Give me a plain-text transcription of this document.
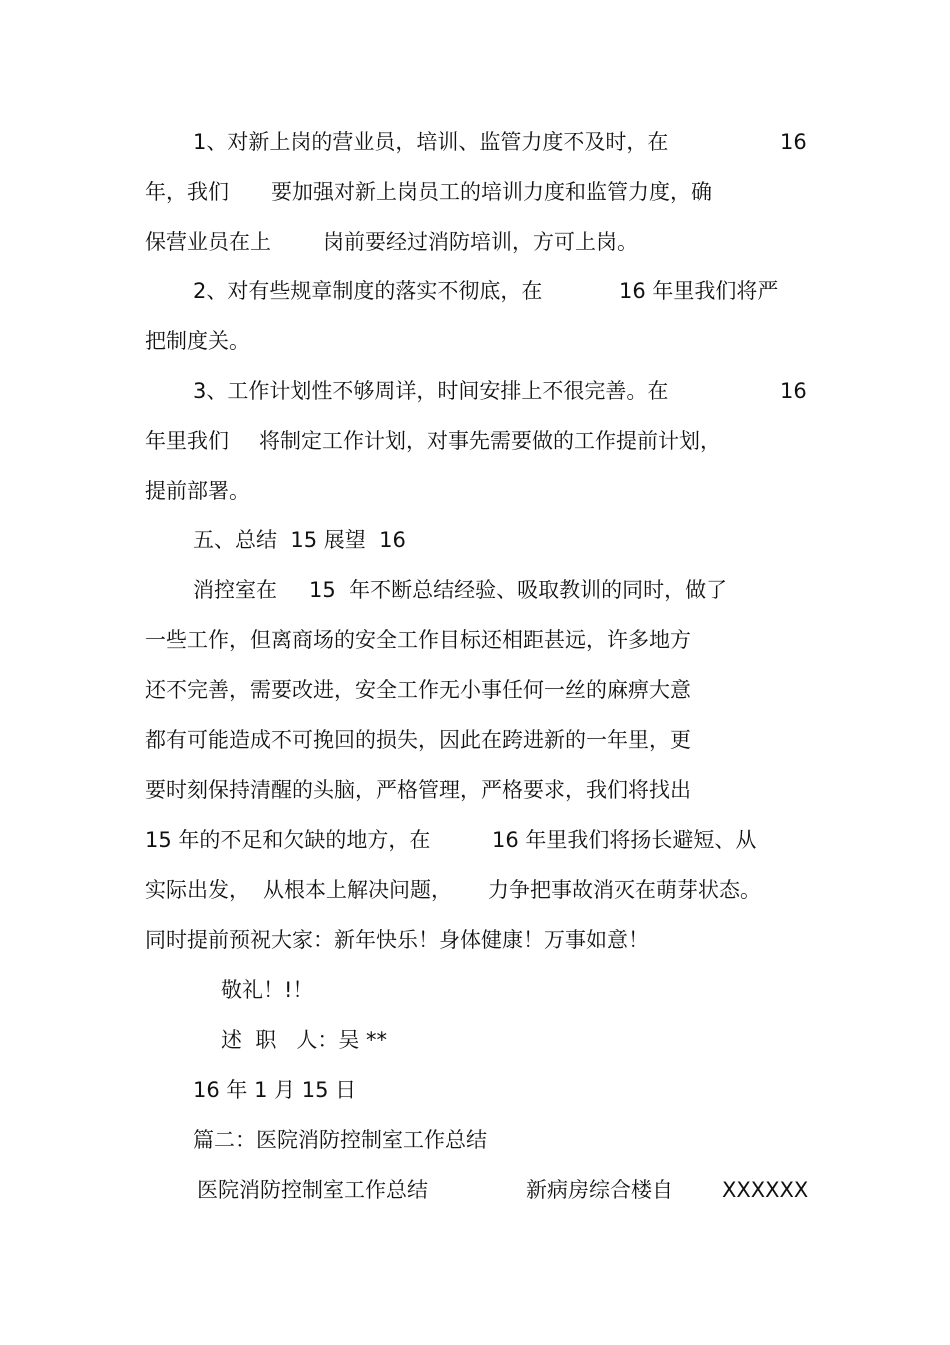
1、对新上岗的营业员，培训、监管力度不及时，在	16
年，我们 要加强对新上岗员工的培训力度和监管力度，确
保营业员在上 岗前要经过消防培训，方可上岗。
2、对有些规章制度的落实不彻底，在	16 年里我们将严
把制度关。
3、工作计划性不够周详，时间安排上不很完善。在	16
年里我们 将制定工作计划，对事先需要做的工作提前计划，
提前部署。
五、总结  15 展望  16
消控室在 15  年不断总结经验、吸取教训的同时，做了
一些工作，但离商场的安全工作目标还相距甚远，许多地方
还不完善，需要改进，安全工作无小事任何一丝的麻痹大意
都有可能造成不可挽回的损失，因此在跨进新的一年里，更
要时刻保持清醒的头脑，严格管理，严格要求，我们将找出
15 年的不足和欠缺的地方，在	16 年里我们将扬长避短、从
实际出发， 从根本上解决问题， 力争把事故消灭在萌芽状态。
同时提前预祝大家：新年快乐！身体健康！万事如意！
敬礼！!！
述  职   人：吴 **
16 年 1 月 15 日
篇二：医院消防控制室工作总结
医院消防控制室工作总结	新病房综合楼自 XXXXXX
